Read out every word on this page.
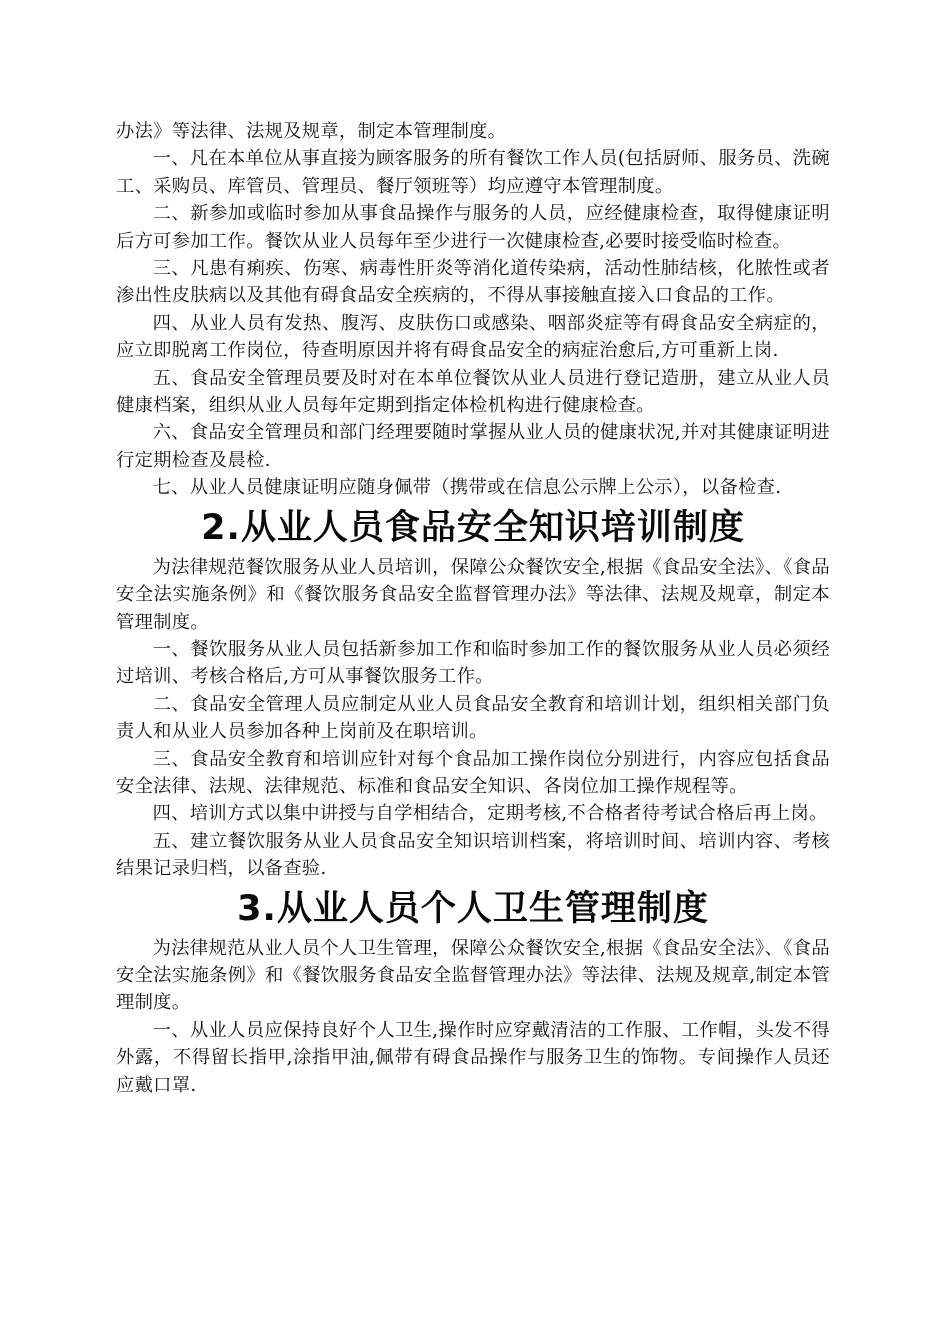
办法》等法律、法规及规章，制定本管理制度。

一、凡在本单位从事直接为顾客服务的所有餐饮工作人员(包括厨师、服务员、洗碗工、采购员、库管员、管理员、餐厅领班等）均应遵守本管理制度。

二、新参加或临时参加从事食品操作与服务的人员，应经健康检查，取得健康证明后方可参加工作。餐饮从业人员每年至少进行一次健康检查,必要时接受临时检查。

三、凡患有痢疾、伤寒、病毒性肝炎等消化道传染病，活动性肺结核，化脓性或者渗出性皮肤病以及其他有碍食品安全疾病的，不得从事接触直接入口食品的工作。

四、从业人员有发热、腹泻、皮肤伤口或感染、咽部炎症等有碍食品安全病症的，应立即脱离工作岗位，待查明原因并将有碍食品安全的病症治愈后,方可重新上岗.

五、食品安全管理员要及时对在本单位餐饮从业人员进行登记造册，建立从业人员健康档案，组织从业人员每年定期到指定体检机构进行健康检查。

六、食品安全管理员和部门经理要随时掌握从业人员的健康状况,并对其健康证明进行定期检查及晨检.

七、从业人员健康证明应随身佩带（携带或在信息公示牌上公示），以备检查.

2.从业人员食品安全知识培训制度

为法律规范餐饮服务从业人员培训，保障公众餐饮安全,根据《食品安全法》、《食品安全法实施条例》和《餐饮服务食品安全监督管理办法》等法律、法规及规章，制定本管理制度。

一、餐饮服务从业人员包括新参加工作和临时参加工作的餐饮服务从业人员必须经过培训、考核合格后,方可从事餐饮服务工作。

二、食品安全管理人员应制定从业人员食品安全教育和培训计划，组织相关部门负责人和从业人员参加各种上岗前及在职培训。

三、食品安全教育和培训应针对每个食品加工操作岗位分别进行，内容应包括食品安全法律、法规、法律规范、标准和食品安全知识、各岗位加工操作规程等。

四、培训方式以集中讲授与自学相结合，定期考核,不合格者待考试合格后再上岗。

五、建立餐饮服务从业人员食品安全知识培训档案，将培训时间、培训内容、考核结果记录归档，以备查验.

3.从业人员个人卫生管理制度

为法律规范从业人员个人卫生管理，保障公众餐饮安全,根据《食品安全法》、《食品安全法实施条例》和《餐饮服务食品安全监督管理办法》等法律、法规及规章,制定本管理制度。

一、从业人员应保持良好个人卫生,操作时应穿戴清洁的工作服、工作帽，头发不得外露，不得留长指甲,涂指甲油,佩带有碍食品操作与服务卫生的饰物。专间操作人员还应戴口罩.
